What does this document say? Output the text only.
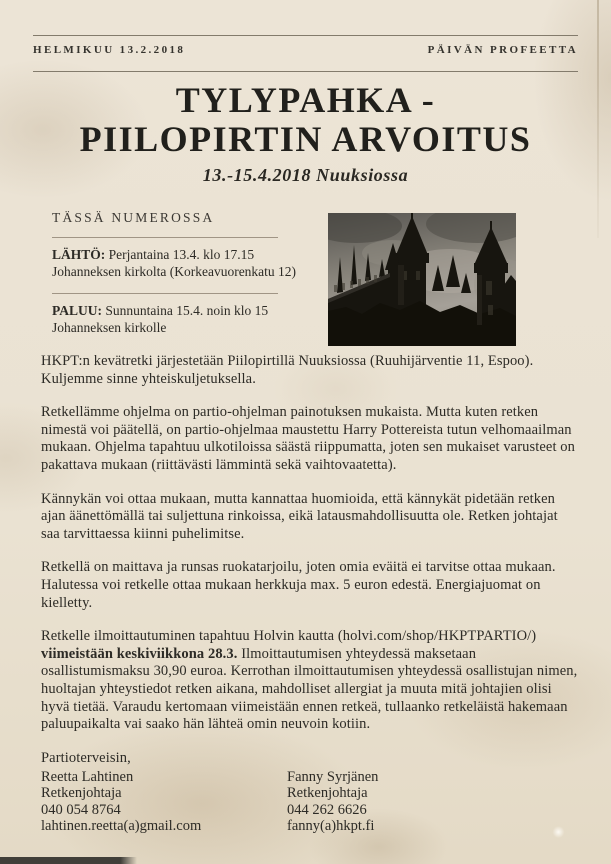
HELMIKUU 13.2.2018	PÄIVÄN PROFEETTA
TYLYPAHKA -
PIILOPIRTIN ARVOITUS
13.-15.4.2018 Nuuksiossa
TÄSSÄ NUMEROSSA
LÄHTÖ: Perjantaina 13.4. klo 17.15
Johanneksen kirkolta (Korkeavuorenkatu 12)
PALUU: Sunnuntaina 15.4. noin klo 15
Johanneksen kirkolle

HKPT:n kevätretki järjestetään Piilopirtillä Nuuksiossa (Ruuhijärventie 11, Espoo). Kuljemme sinne yhteiskuljetuksella.

Retkellämme ohjelma on partio-ohjelman painotuksen mukaista. Mutta kuten retken nimestä voi päätellä, on partio-ohjelmaa maustettu Harry Pottereista tutun velhomaailman mukaan. Ohjelma tapahtuu ulkotiloissa säästä riippumatta, joten sen mukaiset varusteet on pakattava mukaan (riittävästi lämmintä sekä vaihtovaatetta).

Kännykän voi ottaa mukaan, mutta kannattaa huomioida, että kännykät pidetään retken ajan äänettömällä tai suljettuna rinkoissa, eikä latausmahdollisuutta ole. Retken johtajat saa tarvittaessa kiinni puhelimitse.

Retkellä on maittava ja runsas ruokatarjoilu, joten omia eväitä ei tarvitse ottaa mukaan. Halutessa voi retkelle ottaa mukaan herkkuja max. 5 euron edestä. Energiajuomat on kielletty.

Retkelle ilmoittautuminen tapahtuu Holvin kautta (holvi.com/shop/HKPTPARTIO/) viimeistään keskiviikkona 28.3. Ilmoittautumisen yhteydessä maksetaan osallistumismaksu 30,90 euroa. Kerrothan ilmoittautumisen yhteydessä osallistujan nimen, huoltajan yhteystiedot retken aikana, mahdolliset allergiat ja muuta mitä johtajien olisi hyvä tietää. Varaudu kertomaan viimeistään ennen retkeä, tullaanko retkeläistä hakemaan paluupaikalta vai saako hän lähteä omin neuvoin kotiin.

Partioterveisin,

Reetta Lahtinen
Retkenjohtaja
040 054 8764
lahtinen.reetta(a)gmail.com
Fanny Syrjänen
Retkenjohtaja
044 262 6626
fanny(a)hkpt.fi
